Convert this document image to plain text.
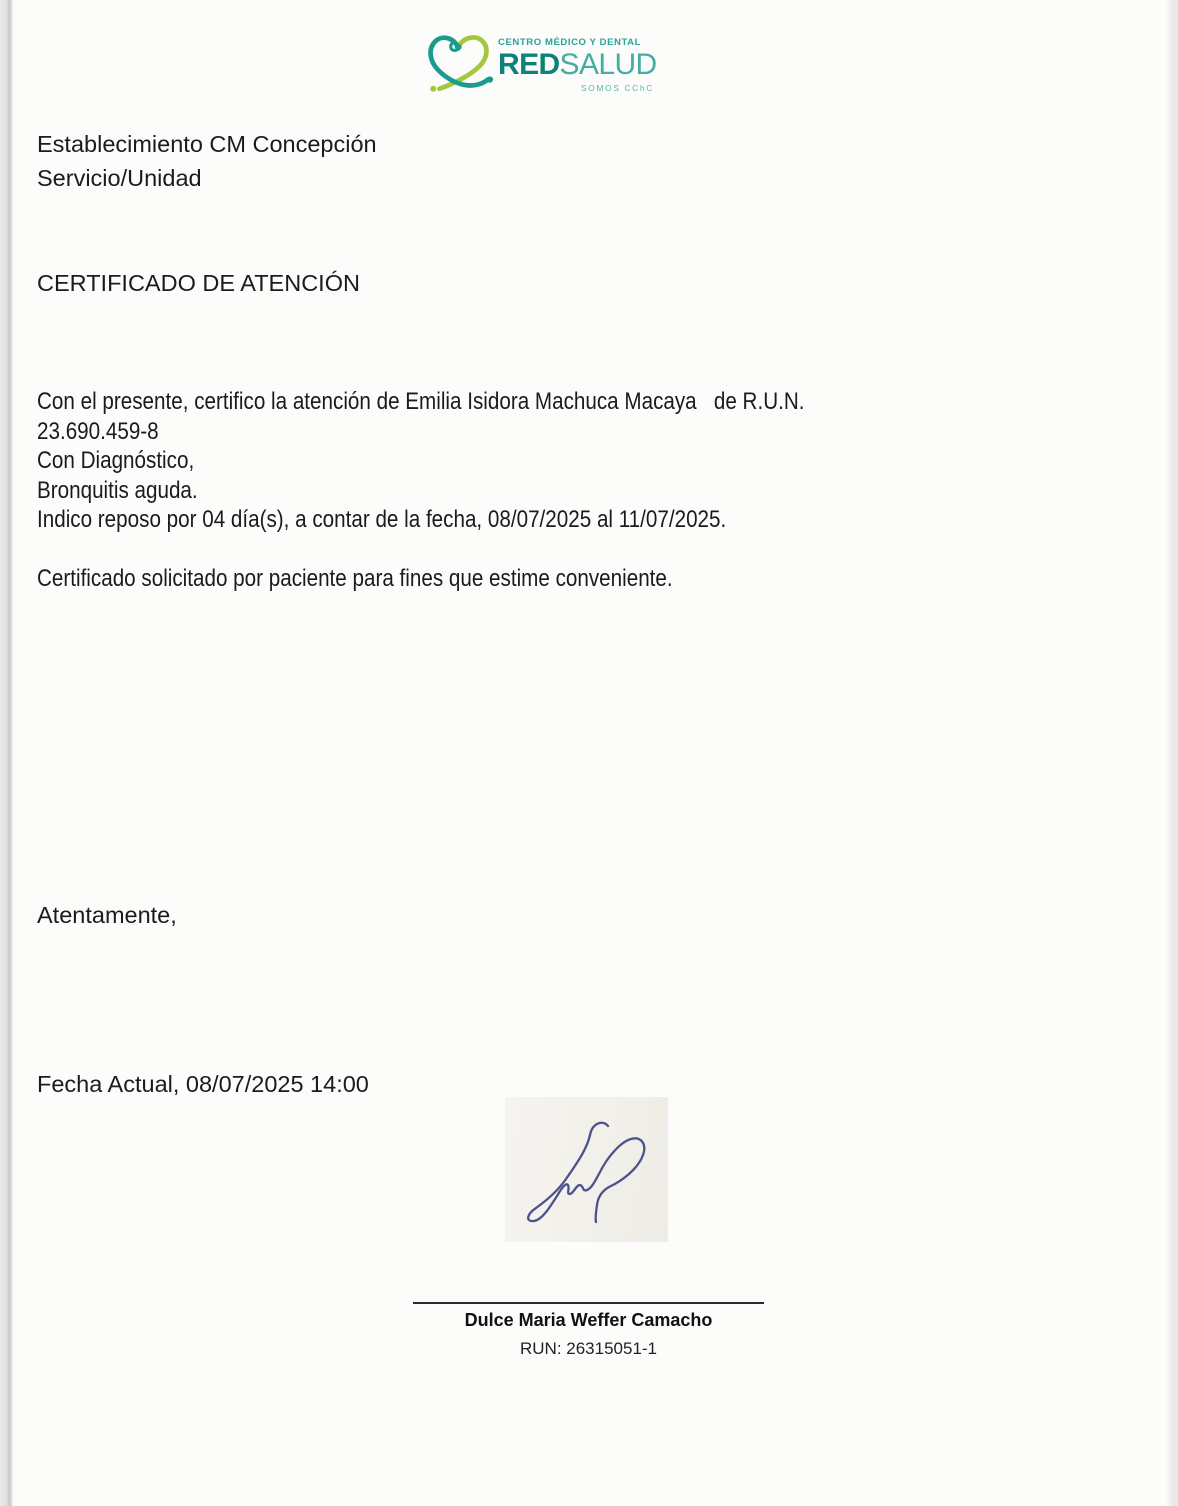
CENTRO MÉDICO Y DENTAL
REDSALUD
SOMOS CChC
Establecimiento CM Concepción
Servicio/Unidad
CERTIFICADO DE ATENCIÓN
Con el presente, certifico la atención de Emilia Isidora Machuca Macaya   de R.U.N.
23.690.459-8
Con Diagnóstico,
Bronquitis aguda.
Indico reposo por 04 día(s), a contar de la fecha, 08/07/2025 al 11/07/2025.
Certificado solicitado por paciente para fines que estime conveniente.
Atentamente,
Fecha Actual, 08/07/2025 14:00
Dulce Maria Weffer Camacho
RUN: 26315051-1
